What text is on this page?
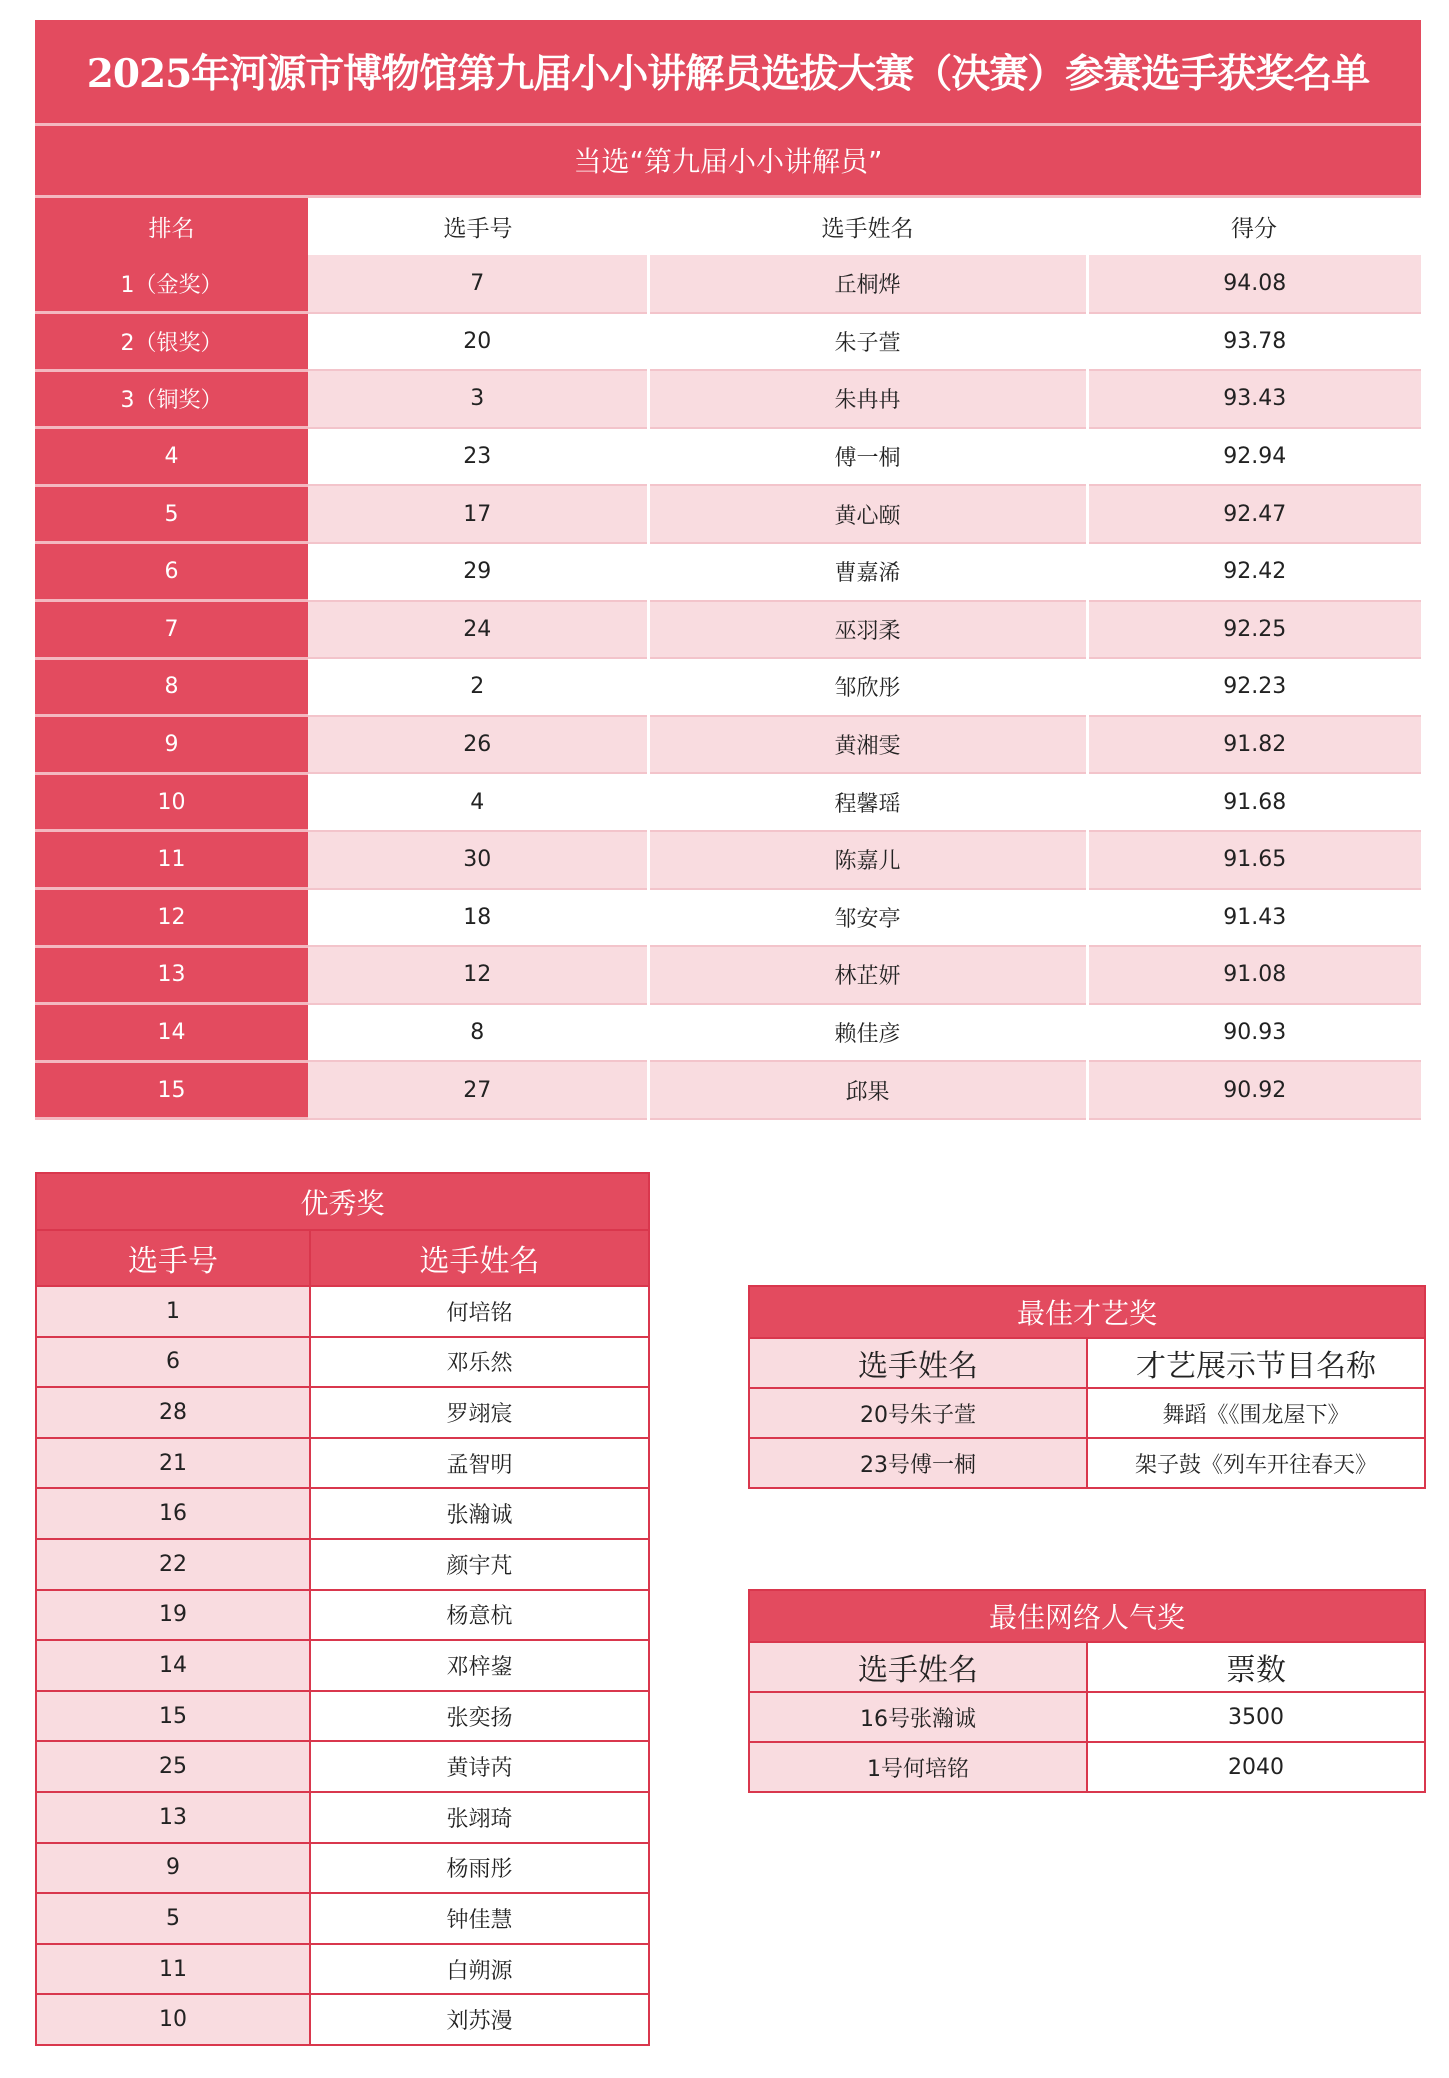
2025年河源市博物馆第九届小小讲解员选拔大赛（决赛）参赛选手获奖名单			
当选“第九届小小讲解员”			
排名	选手号	选手姓名	得分
1（金奖）	7	丘桐烨	94.08
2（银奖）	20	朱子萱	93.78
3（铜奖）	3	朱冉冉	93.43
4	23	傅一桐	92.94
5	17	黄心颐	92.47
6	29	曹嘉浠	92.42
7	24	巫羽柔	92.25
8	2	邹欣彤	92.23
9	26	黄湘雯	91.82
10	4	程馨瑶	91.68
11	30	陈嘉儿	91.65
12	18	邹安亭	91.43
13	12	林芷妍	91.08
14	8	赖佳彦	90.93
15	27	邱果	90.92
优秀奖	
选手号	选手姓名
1	何培铭
6	邓乐然
28	罗翊宸
21	孟智明
16	张瀚诚
22	颜宇芃
19	杨意杭
14	邓梓鋆
15	张奕扬
25	黄诗芮
13	张翊琦
9	杨雨彤
5	钟佳慧
11	白朔源
10	刘苏漫
最佳才艺奖	
选手姓名	才艺展示节目名称
20号朱子萱	舞蹈《《围龙屋下》
23号傅一桐	架子鼓《列车开往春天》
最佳网络人气奖	
选手姓名	票数
16号张瀚诚	3500
1号何培铭	2040
